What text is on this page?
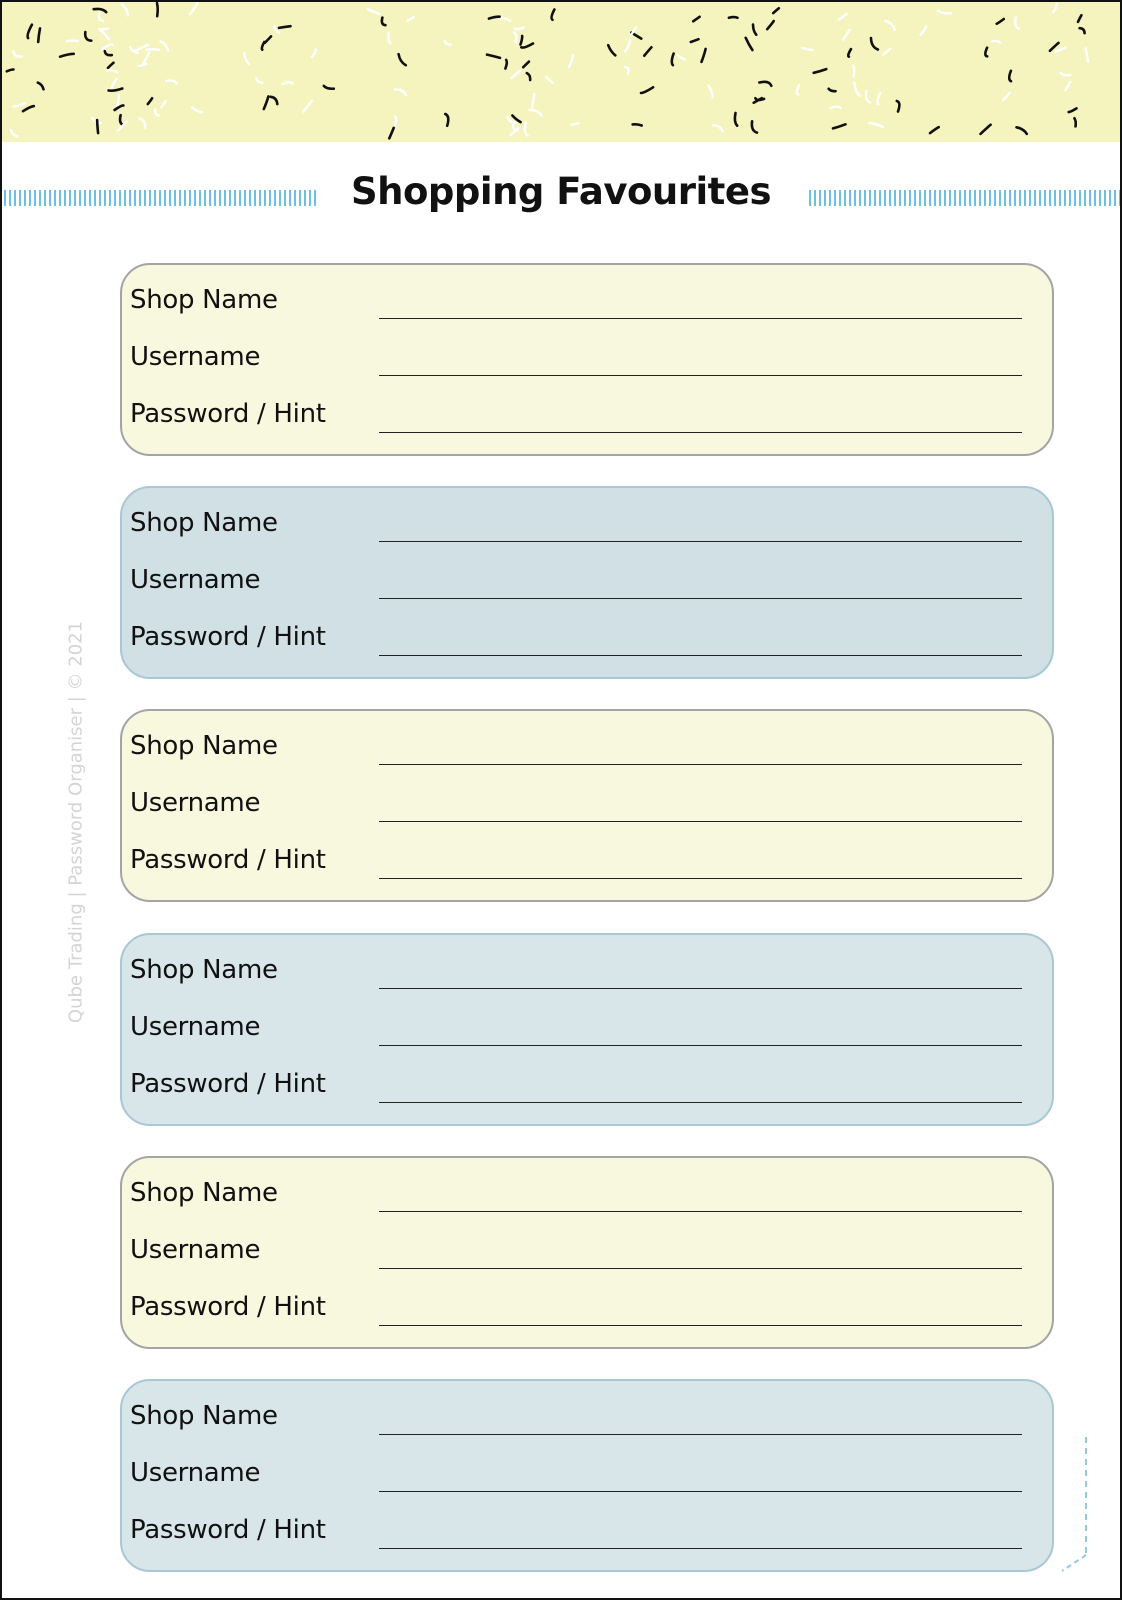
Shopping Favourites
Qube Trading | Password Organiser | © 2021
Shop Name
Username
Password / Hint
Shop Name
Username
Password / Hint
Shop Name
Username
Password / Hint
Shop Name
Username
Password / Hint
Shop Name
Username
Password / Hint
Shop Name
Username
Password / Hint
